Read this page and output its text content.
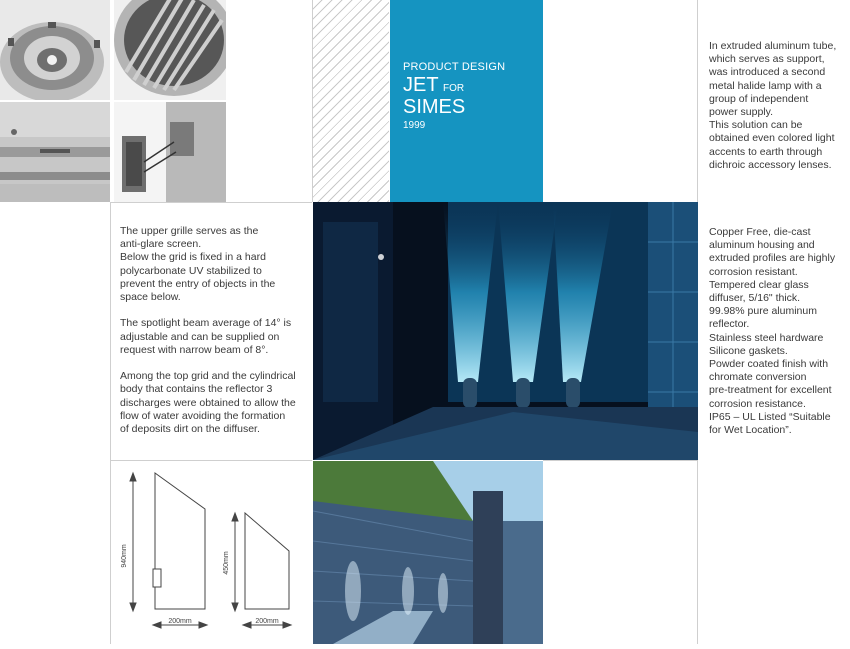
PRODUCT DESIGN
JET FOR
SIMES
1999
In extruded aluminum tube,
which serves as support,
was introduced a second
metal halide lamp with a
group of independent
power supply.
This solution can be
obtained even colored light
accents to earth through
dichroic accessory lenses.
The upper grille serves as the
anti-glare screen.
Below the grid is fixed in a hard
polycarbonate UV stabilized to
prevent the entry of objects in the
space below.

The spotlight beam average of 14° is
adjustable and can be supplied on
request with narrow beam of 8°.

Among the top grid and the cylindrical
body that contains the reflector 3
discharges were obtained to allow the
flow of water avoiding the formation
of deposits dirt on the diffuser.
Copper Free, die-cast
aluminum housing and
extruded profiles are highly
corrosion resistant.
Tempered clear glass
diffuser, 5/16" thick.
99.98% pure aluminum
reflector.
Stainless steel hardware
Silicone gaskets.
Powder coated finish with
chromate conversion
pre-treatment for excellent
corrosion resistance.
IP65 – UL Listed “Suitable
for Wet Location”.
940mm
200mm
450mm
200mm
